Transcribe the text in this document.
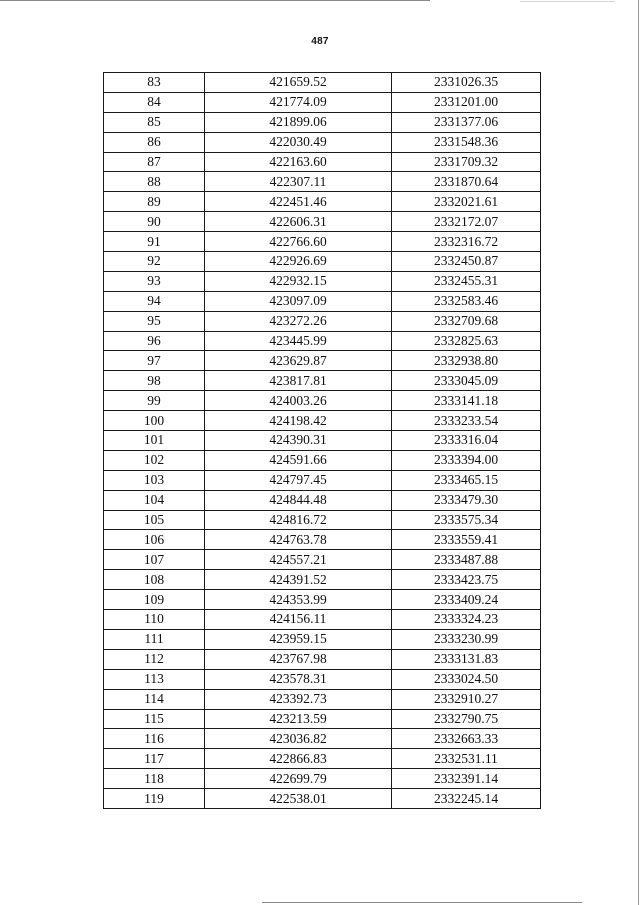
487
83	421659.52	2331026.35
84	421774.09	2331201.00
85	421899.06	2331377.06
86	422030.49	2331548.36
87	422163.60	2331709.32
88	422307.11	2331870.64
89	422451.46	2332021.61
90	422606.31	2332172.07
91	422766.60	2332316.72
92	422926.69	2332450.87
93	422932.15	2332455.31
94	423097.09	2332583.46
95	423272.26	2332709.68
96	423445.99	2332825.63
97	423629.87	2332938.80
98	423817.81	2333045.09
99	424003.26	2333141.18
100	424198.42	2333233.54
101	424390.31	2333316.04
102	424591.66	2333394.00
103	424797.45	2333465.15
104	424844.48	2333479.30
105	424816.72	2333575.34
106	424763.78	2333559.41
107	424557.21	2333487.88
108	424391.52	2333423.75
109	424353.99	2333409.24
110	424156.11	2333324.23
111	423959.15	2333230.99
112	423767.98	2333131.83
113	423578.31	2333024.50
114	423392.73	2332910.27
115	423213.59	2332790.75
116	423036.82	2332663.33
117	422866.83	2332531.11
118	422699.79	2332391.14
119	422538.01	2332245.14
